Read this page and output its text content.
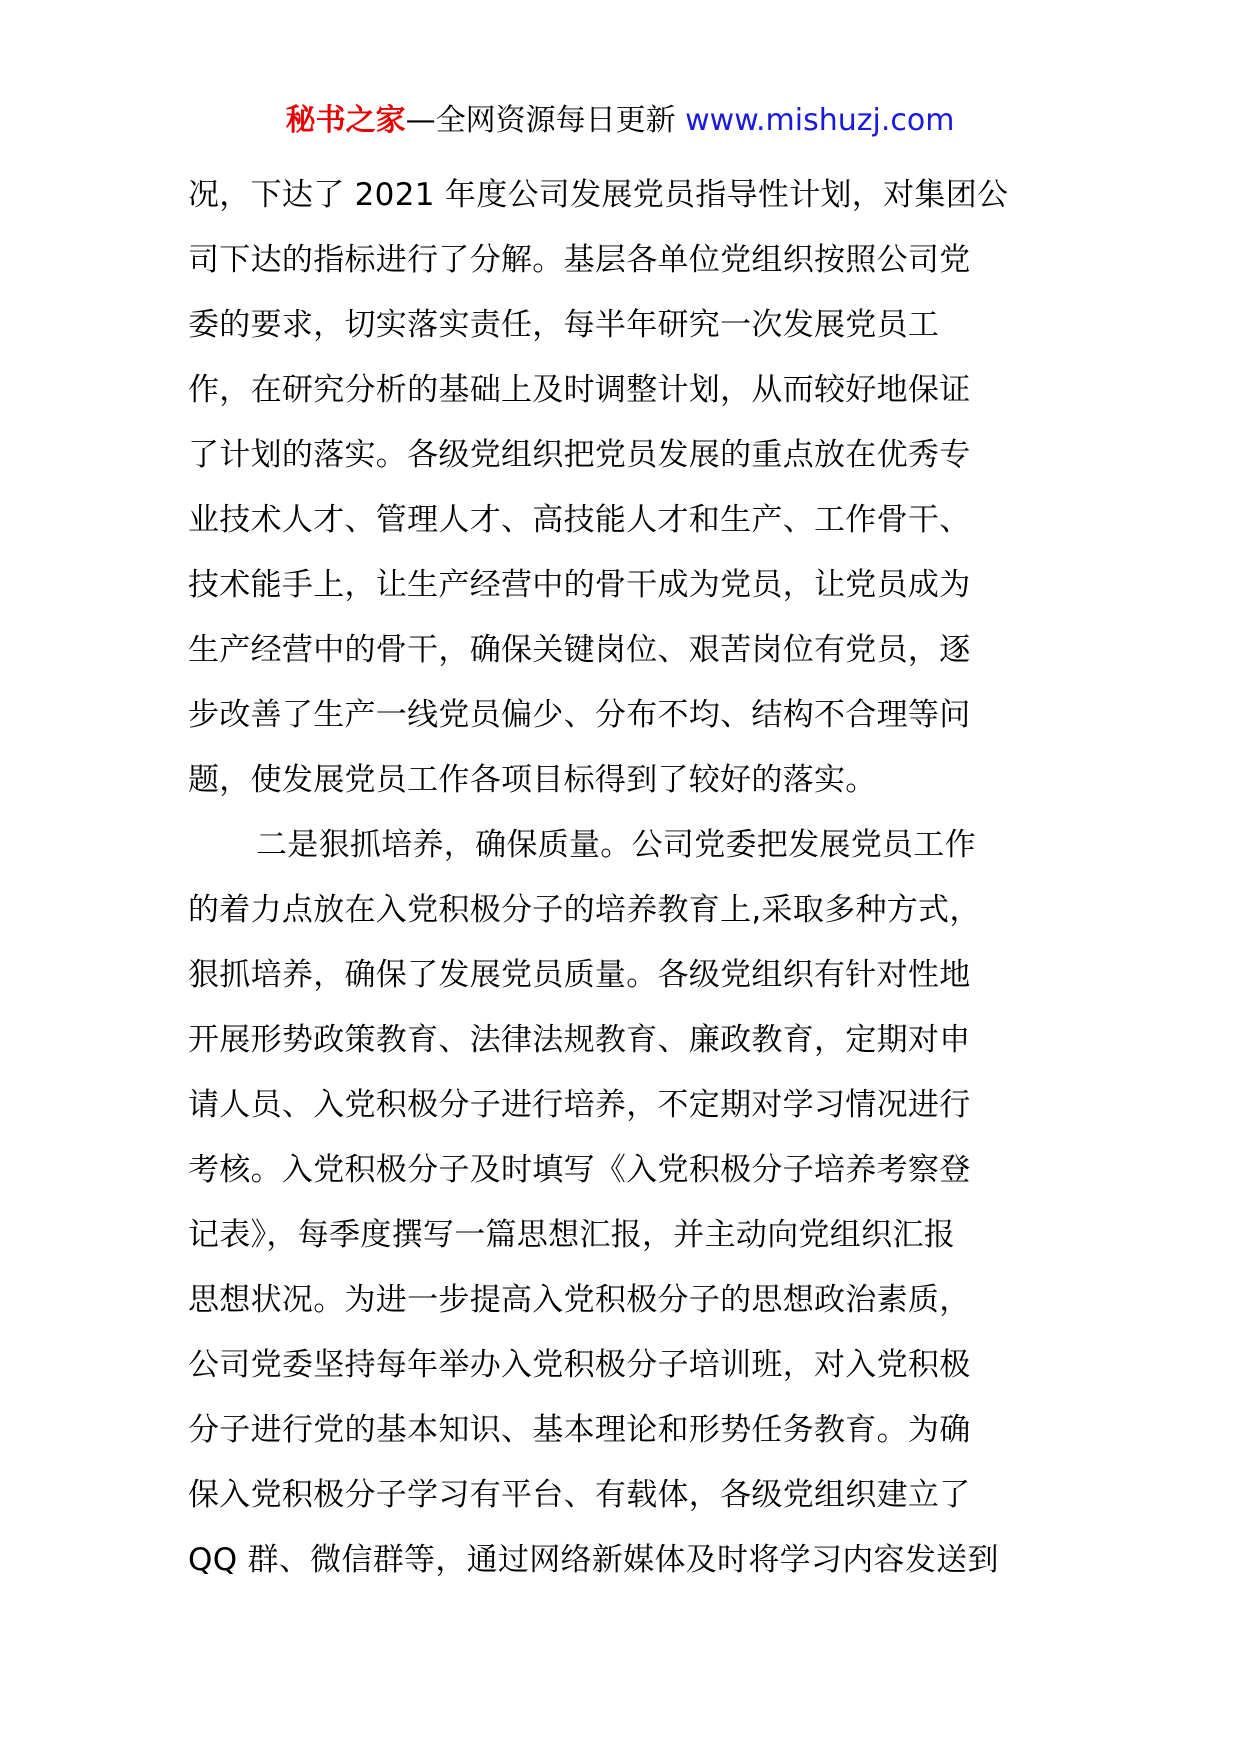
秘书之家—全网资源每日更新 www.mishuzj.com
况，下达了 2021 年度公司发展党员指导性计划，对集团公
司下达的指标进行了分解。基层各单位党组织按照公司党
委的要求，切实落实责任，每半年研究一次发展党员工
作，在研究分析的基础上及时调整计划，从而较好地保证
了计划的落实。各级党组织把党员发展的重点放在优秀专
业技术人才、管理人才、高技能人才和生产、工作骨干、
技术能手上，让生产经营中的骨干成为党员，让党员成为
生产经营中的骨干，确保关键岗位、艰苦岗位有党员，逐
步改善了生产一线党员偏少、分布不均、结构不合理等问
题，使发展党员工作各项目标得到了较好的落实。
二是狠抓培养，确保质量。公司党委把发展党员工作
的着力点放在入党积极分子的培养教育上,采取多种方式，
狠抓培养，确保了发展党员质量。各级党组织有针对性地
开展形势政策教育、法律法规教育、廉政教育，定期对申
请人员、入党积极分子进行培养，不定期对学习情况进行
考核。入党积极分子及时填写《入党积极分子培养考察登
记表》，每季度撰写一篇思想汇报，并主动向党组织汇报
思想状况。为进一步提高入党积极分子的思想政治素质，
公司党委坚持每年举办入党积极分子培训班，对入党积极
分子进行党的基本知识、基本理论和形势任务教育。为确
保入党积极分子学习有平台、有载体，各级党组织建立了
QQ 群、微信群等，通过网络新媒体及时将学习内容发送到
